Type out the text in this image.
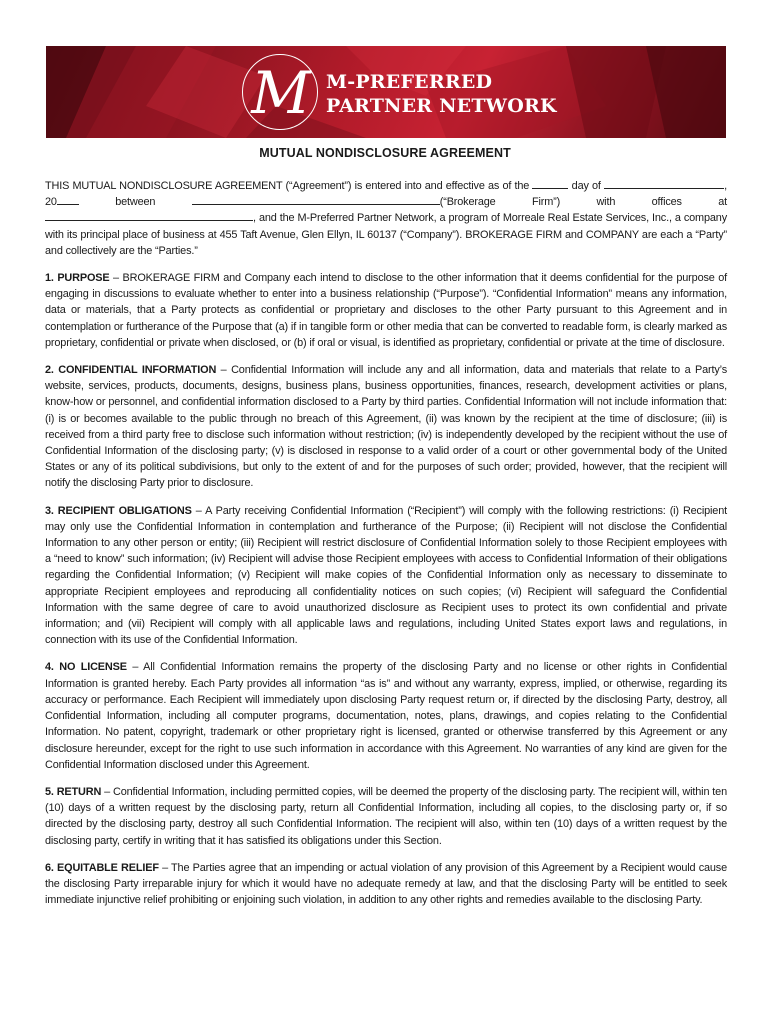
M M-PREFERRED
PARTNER NETWORK
MUTUAL NONDISCLOSURE AGREEMENT

THIS MUTUAL NONDISCLOSURE AGREEMENT (“Agreement”) is entered into and effective as of the	day of	, 20	between	(“Brokerage Firm”) with offices at , and the M-Preferred Partner Network, a program of Morreale Real Estate Services, Inc., a company with its principal place of business at 455 Taft Avenue, Glen Ellyn, IL 60137 (“Company”). BROKERAGE FIRM and COMPANY are each a “Party” and collectively are the “Parties.”

1. PURPOSE – BROKERAGE FIRM and Company each intend to disclose to the other information that it deems confidential for the purpose of engaging in discussions to evaluate whether to enter into a business relationship (“Purpose”). “Confidential Information” means any information, data or materials, that a Party protects as confidential or proprietary and discloses to the other Party pursuant to this Agreement and in contemplation or furtherance of the Purpose that (a) if in tangible form or other media that can be converted to readable form, is clearly marked as proprietary, confidential or private when disclosed, or (b) if oral or visual, is identified as proprietary, confidential or private at the time of disclosure.

2. CONFIDENTIAL INFORMATION – Confidential Information will include any and all information, data and materials that relate to a Party’s website, services, products, documents, designs, business plans, business opportunities, finances, research, development activities or plans, know-how or personnel, and confidential information disclosed to a Party by third parties. Confidential Information will not include information that: (i) is or becomes available to the public through no breach of this Agreement, (ii) was known by the recipient at the time of disclosure; (iii) is received from a third party free to disclose such information without restriction; (iv) is independently developed by the recipient without the use of Confidential Information of the disclosing party; (v) is disclosed in response to a valid order of a court or other governmental body of the United States or any of its political subdivisions, but only to the extent of and for the purposes of such order; provided, however, that the recipient will notify the disclosing Party prior to disclosure.

3. RECIPIENT OBLIGATIONS – A Party receiving Confidential Information (“Recipient”) will comply with the following restrictions: (i) Recipient may only use the Confidential Information in contemplation and furtherance of the Purpose; (ii) Recipient will not disclose the Confidential Information to any other person or entity; (iii) Recipient will restrict disclosure of Confidential Information solely to those Recipient employees with a “need to know” such information; (iv) Recipient will advise those Recipient employees with access to Confidential Information of their obligations regarding the Confidential Information; (v) Recipient will make copies of the Confidential Information only as necessary to disseminate to appropriate Recipient employees and reproducing all confidentiality notices on such copies; (vi) Recipient will safeguard the Confidential Information with the same degree of care to avoid unauthorized disclosure as Recipient uses to protect its own confidential and private information; and (vii) Recipient will comply with all applicable laws and regulations, including United States export laws and regulations, in connection with its use of the Confidential Information.

4. NO LICENSE – All Confidential Information remains the property of the disclosing Party and no license or other rights in Confidential Information is granted hereby. Each Party provides all information “as is” and without any warranty, express, implied, or otherwise, regarding its accuracy or performance. Each Recipient will immediately upon disclosing Party request return or, if directed by the disclosing Party, destroy, all Confidential Information, including all computer programs, documentation, notes, plans, drawings, and copies relating to the Confidential Information. No patent, copyright, trademark or other proprietary right is licensed, granted or otherwise transferred by this Agreement or any disclosure hereunder, except for the right to use such information in accordance with this Agreement. No warranties of any kind are given for the Confidential Information disclosed under this Agreement.

5. RETURN – Confidential Information, including permitted copies, will be deemed the property of the disclosing party. The recipient will, within ten (10) days of a written request by the disclosing party, return all Confidential Information, including all copies, to the disclosing party or, if so directed by the disclosing party, destroy all such Confidential Information. The recipient will also, within ten (10) days of a written request by the disclosing party, certify in writing that it has satisfied its obligations under this Section.

6. EQUITABLE RELIEF – The Parties agree that an impending or actual violation of any provision of this Agreement by a Recipient would cause the disclosing Party irreparable injury for which it would have no adequate remedy at law, and that the disclosing Party will be entitled to seek immediate injunctive relief prohibiting or enjoining such violation, in addition to any other rights and remedies available to the disclosing Party.
